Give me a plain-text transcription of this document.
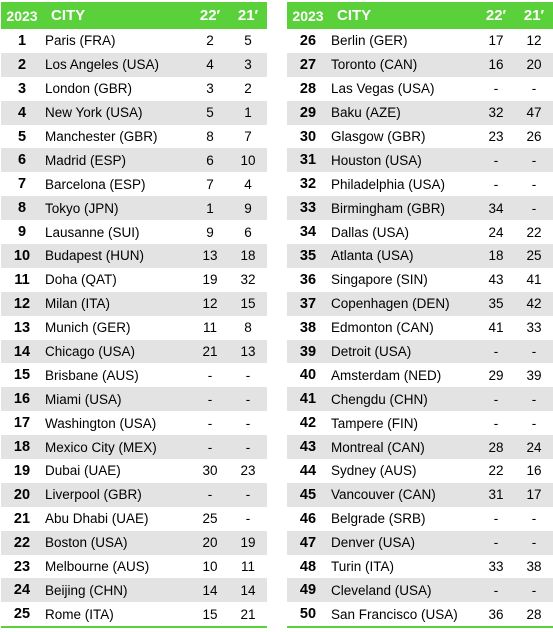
2023 CITY	22′	21′
1	Paris (FRA)	2	5
2	Los Angeles (USA)	4	3
3	London (GBR)	3	2
4	New York (USA)	5	1
5	Manchester (GBR)	8	7
6	Madrid (ESP)	6	10
7	Barcelona (ESP)	7	4
8	Tokyo (JPN)	1	9
9	Lausanne (SUI)	9	6
10	Budapest (HUN)	13	18
11	Doha (QAT)	19	32
12	Milan (ITA)	12	15
13	Munich (GER)	11	8
14	Chicago (USA)	21	13
15	Brisbane (AUS)	-	-
16	Miami (USA)	-	-
17	Washington (USA)	-	-
18	Mexico City (MEX)	-	-
19	Dubai (UAE)	30	23
20	Liverpool (GBR)	-	-
21	Abu Dhabi (UAE)	25	-
22	Boston (USA)	20	19
23	Melbourne (AUS)	10	11
24	Beijing (CHN)	14	14
25	Rome (ITA)	15	21
2023 CITY	22′	21′
26	Berlin (GER)	17	12
27	Toronto (CAN)	16	20
28	Las Vegas (USA)	-	-
29	Baku (AZE)	32	47
30	Glasgow (GBR)	23	26
31	Houston (USA)	-	-
32	Philadelphia (USA)	-	-
33	Birmingham (GBR)	34	-
34	Dallas (USA)	24	22
35	Atlanta (USA)	18	25
36	Singapore (SIN)	43	41
37	Copenhagen (DEN)	35	42
38	Edmonton (CAN)	41	33
39	Detroit (USA)	-	-
40	Amsterdam (NED)	29	39
41	Chengdu (CHN)	-	-
42	Tampere (FIN)	-	-
43	Montreal (CAN)	28	24
44	Sydney (AUS)	22	16
45	Vancouver (CAN)	31	17
46	Belgrade (SRB)	-	-
47	Denver (USA)	-	-
48	Turin (ITA)	33	38
49	Cleveland (USA)	-	-
50	San Francisco (USA)	36	28
